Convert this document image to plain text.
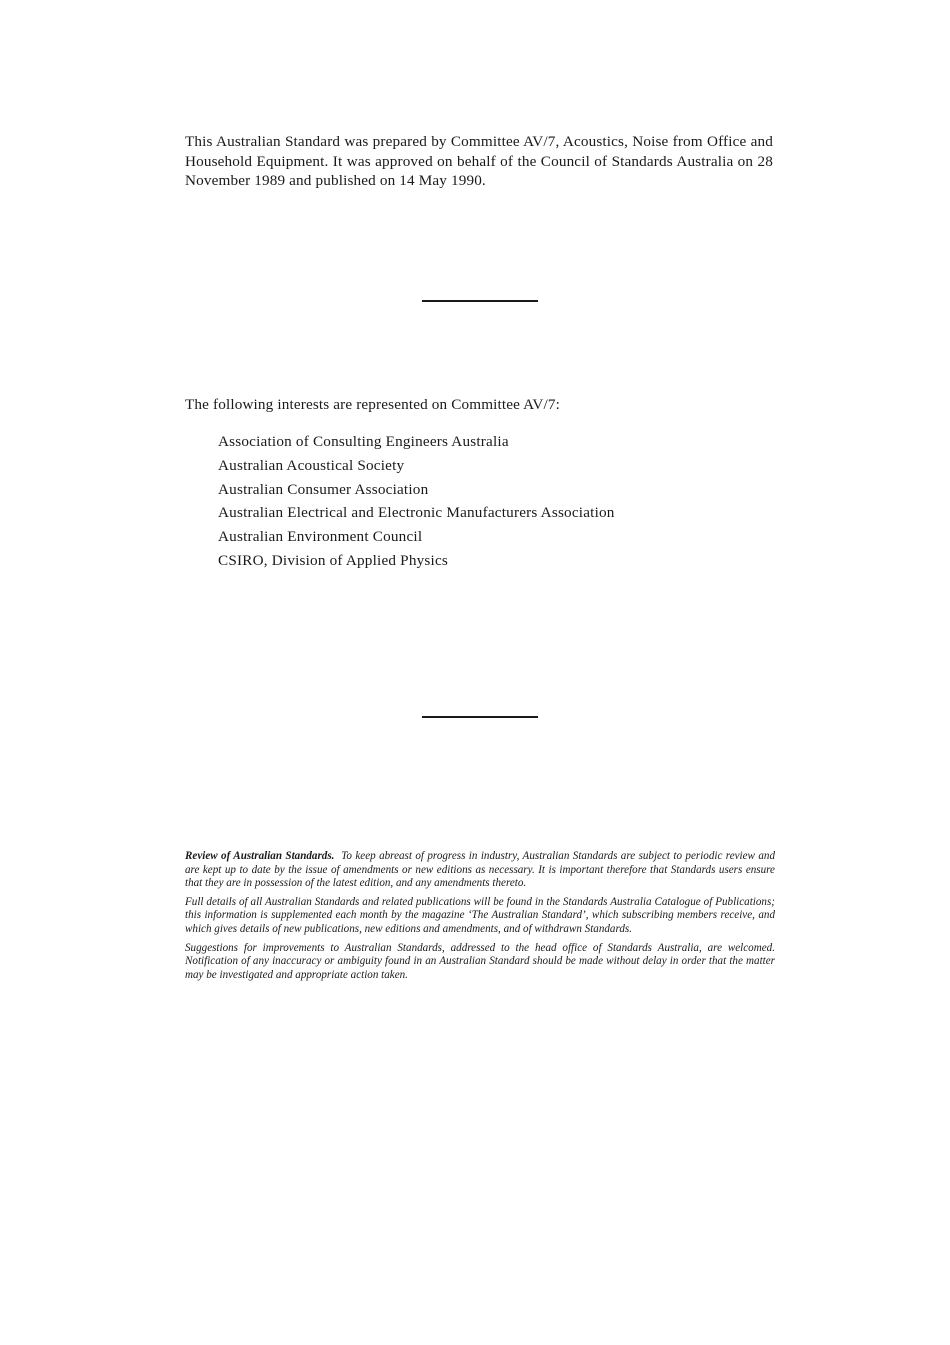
This Australian Standard was prepared by Committee AV/7, Acoustics, Noise from Office and Household Equipment. It was approved on behalf of the Council of Standards Australia on 28 November 1989 and published on 14 May 1990.

The following interests are represented on Committee AV/7:

Association of Consulting Engineers Australia
Australian Acoustical Society
Australian Consumer Association
Australian Electrical and Electronic Manufacturers Association
Australian Environment Council
CSIRO, Division of Applied Physics

Review of Australian Standards. To keep abreast of progress in industry, Australian Standards are subject to periodic review and are kept up to date by the issue of amendments or new editions as necessary. It is important therefore that Standards users ensure that they are in possession of the latest edition, and any amendments thereto.

Full details of all Australian Standards and related publications will be found in the Standards Australia Catalogue of Publications; this information is supplemented each month by the magazine ‘The Australian Standard’, which subscribing members receive, and which gives details of new publications, new editions and amendments, and of withdrawn Standards.

Suggestions for improvements to Australian Standards, addressed to the head office of Standards Australia, are welcomed. Notification of any inaccuracy or ambiguity found in an Australian Standard should be made without delay in order that the matter may be investigated and appropriate action taken.
